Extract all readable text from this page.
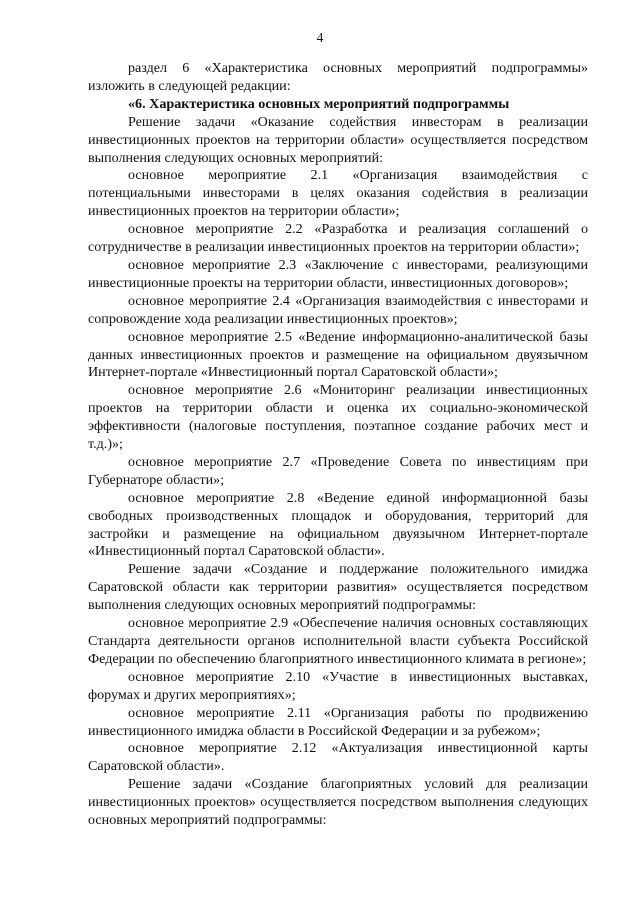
4

раздел 6 «Характеристика основных мероприятий подпрограммы» изложить в следующей редакции:

«6. Характеристика основных мероприятий подпрограммы

Решение задачи «Оказание содействия инвесторам в реализации инвестиционных проектов на территории области» осуществляется посредством выполнения следующих основных мероприятий:

основное мероприятие 2.1 «Организация взаимодействия с потенциальными инвесторами в целях оказания содействия в реализации инвестиционных проектов на территории области»;

основное мероприятие 2.2 «Разработка и реализация соглашений о сотрудничестве в реализации инвестиционных проектов на территории области»;

основное мероприятие 2.3 «Заключение с инвесторами, реализующими инвестиционные проекты на территории области, инвестиционных договоров»;

основное мероприятие 2.4 «Организация взаимодействия с инвесторами и сопровождение хода реализации инвестиционных проектов»;

основное мероприятие 2.5 «Ведение информационно-аналитической базы данных инвестиционных проектов и размещение на официальном двуязычном Интернет-портале «Инвестиционный портал Саратовской области»;

основное мероприятие 2.6 «Мониторинг реализации инвестиционных проектов на территории области и оценка их социально-экономической эффективности (налоговые поступления, поэтапное создание рабочих мест и т.д.)»;

основное мероприятие 2.7 «Проведение Совета по инвестициям при Губернаторе области»;

основное мероприятие 2.8 «Ведение единой информационной базы свободных производственных площадок и оборудования, территорий для застройки и размещение на официальном двуязычном Интернет-портале «Инвестиционный портал Саратовской области».

Решение задачи «Создание и поддержание положительного имиджа Саратовской области как территории развития» осуществляется посредством выполнения следующих основных мероприятий подпрограммы:

основное мероприятие 2.9 «Обеспечение наличия основных составляющих Стандарта деятельности органов исполнительной власти субъекта Российской Федерации по обеспечению благоприятного инвестиционного климата в регионе»;

основное мероприятие 2.10 «Участие в инвестиционных выставках, форумах и других мероприятиях»;

основное мероприятие 2.11 «Организация работы по продвижению инвестиционного имиджа области в Российской Федерации и за рубежом»;

основное мероприятие 2.12 «Актуализация инвестиционной карты Саратовской области».

Решение задачи «Создание благоприятных условий для реализации инвестиционных проектов» осуществляется посредством выполнения следующих основных мероприятий подпрограммы:
